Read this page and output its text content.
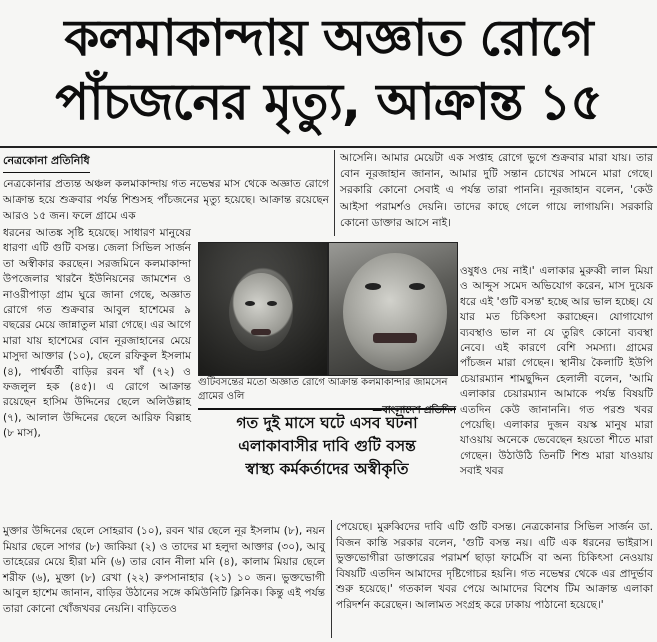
কলমাকান্দায় অজ্ঞাত রোগে
পাঁচজনের মৃত্যু, আক্রান্ত ১৫
নেত্রকোনা প্রতিনিধি

নেত্রকোনার প্রত্যন্ত অঞ্চল কলমাকান্দায় গত নভেম্বর মাস থেকে অজ্ঞাত রোগে আক্রান্ত হয়ে শুক্রবার পর্যন্ত শিশুসহ পাঁচজনের মৃত্যু হয়েছে। আক্রান্ত রয়েছেন আরও ১৫ জন। ফলে গ্রামে এক

ধরনের আতঙ্ক সৃষ্টি হয়েছে। সাধারণ মানুষের ধারণা এটি গুটি বসন্ত। জেলা সিভিল সার্জন তা অস্বীকার করছেন। সরজমিনে কলমাকান্দা উপজেলার খারনৈ ইউনিয়নের জামশেন ও নাওরীপাড়া গ্রাম ঘুরে জানা গেছে, অজ্ঞাত রোগে গত শুক্রবার আবুল হাশেমের ৯ বছরের মেয়ে জান্নাতুল মারা গেছে। এর আগে মারা যায় হাশেমের বোন নূরজাহানের মেয়ে মাসুদা আক্তার (১০), ছেলে রফিকুল ইসলাম (৪), পার্শ্ববর্তী বাড়ির রবন খাঁ (৭২) ও ফজলুল হক (৪৫)। এ রোগে আক্রান্ত রয়েছেন হাসিম উদ্দিনের ছেলে অলিউল্লাহ (৭), আলাল উদ্দিনের ছেলে আরিফ বিল্লাহ (৮ মাস),

আসেনি। আমার মেয়েটা এক সপ্তাহ রোগে ভুগে শুক্রবার মারা যায়। তার বোন নূরজাহান জানান, আমার দুটি সন্তান চোখের সামনে মারা গেছে। সরকারি কোনো সেবাই এ পর্যন্ত তারা পাননি। নূরজাহান বলেন, 'কেউ আইসা পরামর্শও দেয়নি। তাদের কাছে গেলে গায়ে লাগায়নি। সরকারি কোনো ডাক্তার আসে নাই।

ওষুধও দেয় নাই।' এলাকার মুরুব্বী লাল মিয়া ও আব্দুস সমেদ অভিযোগ করেন, মাস দুয়েক ধরে এই 'গুটি বসন্ত' হচ্ছে আর ভাল হচ্ছে। যে যার মত চিকিৎসা করাচ্ছেন। যোগাযোগ ব্যবস্থাও ভাল না যে তুরিৎ কোনো ব্যবস্থা নেবে। এই কারণে বেশি সমস্যা। গ্রামের পাঁচজন মারা গেছেন। স্থানীয় কৈলাটি ইউপি চেয়ারম্যান শামছুদ্দিন হেলালী বলেন, 'আমি এলাকার চেয়ারম্যান আমাকে পর্যন্ত বিষয়টি এতদিন কেউ জানাননি। গত পরশু খবর পেয়েছি। এলাকার দুজন বয়স্ক মানুষ মারা যাওয়ায় অনেকে ভেবেছেন হয়তো শীতে মারা গেছেন। উঠাউঠি তিনটি শিশু মারা যাওয়ায় সবাই খবর

গুটিবসন্তের মতো অজ্ঞাত রোগে আক্রান্ত কলমাকান্দার জামসেন গ্রামের ওলি
—বাংলাদেশ প্রতিদিন
গত দুই মাসে ঘটে এসব ঘটনা
এলাকাবাসীর দাবি গুটি বসন্ত
স্বাস্থ্য কর্মকর্তাদের অস্বীকৃতি

মুক্তার উদ্দিনের ছেলে সোহরাব (১০), রবন খার ছেলে নূর ইসলাম (৮), নয়ন মিয়ার ছেলে সাগর (৮) জাকিয়া (২) ও তাদের মা হলুদা আক্তার (৩০), আবু তাহেরের মেয়ে হীরা মনি (৬) তার বোন নীলা মনি (৪), কালাম মিয়ার ছেলে শরীফ (৬), মুক্তা (৮) রেখা (২২) রুপসানাহার (২১) ১০ জন। ভুক্তভোগী আবুল হাশেম জানান, বাড়ির উঠানের সঙ্গে কমিউনিটি ক্লিনিক। কিন্তু এই পর্যন্ত তারা কোনো খোঁজখবর নেয়নি। বাড়িতেও

পেয়েছে। মুরুব্বিদের দাবি এটি গুটি বসন্ত। নেত্রকোনার সিভিল সার্জন ডা. বিজন কান্তি সরকার বলেন, 'গুটি বসন্ত নয়। এটি এক ধরনের ভাইরাস। ভুক্তভোগীরা ডাক্তারের পরামর্শ ছাড়া ফার্মেসি বা অন্য চিকিৎসা নেওয়ায় বিষয়টি এতদিন আমাদের দৃষ্টিগোচর হয়নি। গত নভেম্বর থেকে এর প্রাদুর্ভাব শুরু হয়েছে।' গতকাল খবর পেয়ে আমাদের বিশেষ টিম আক্রান্ত এলাকা পরিদর্শন করেছেন। আলামত সংগ্রহ করে ঢাকায় পাঠানো হয়েছে।'
